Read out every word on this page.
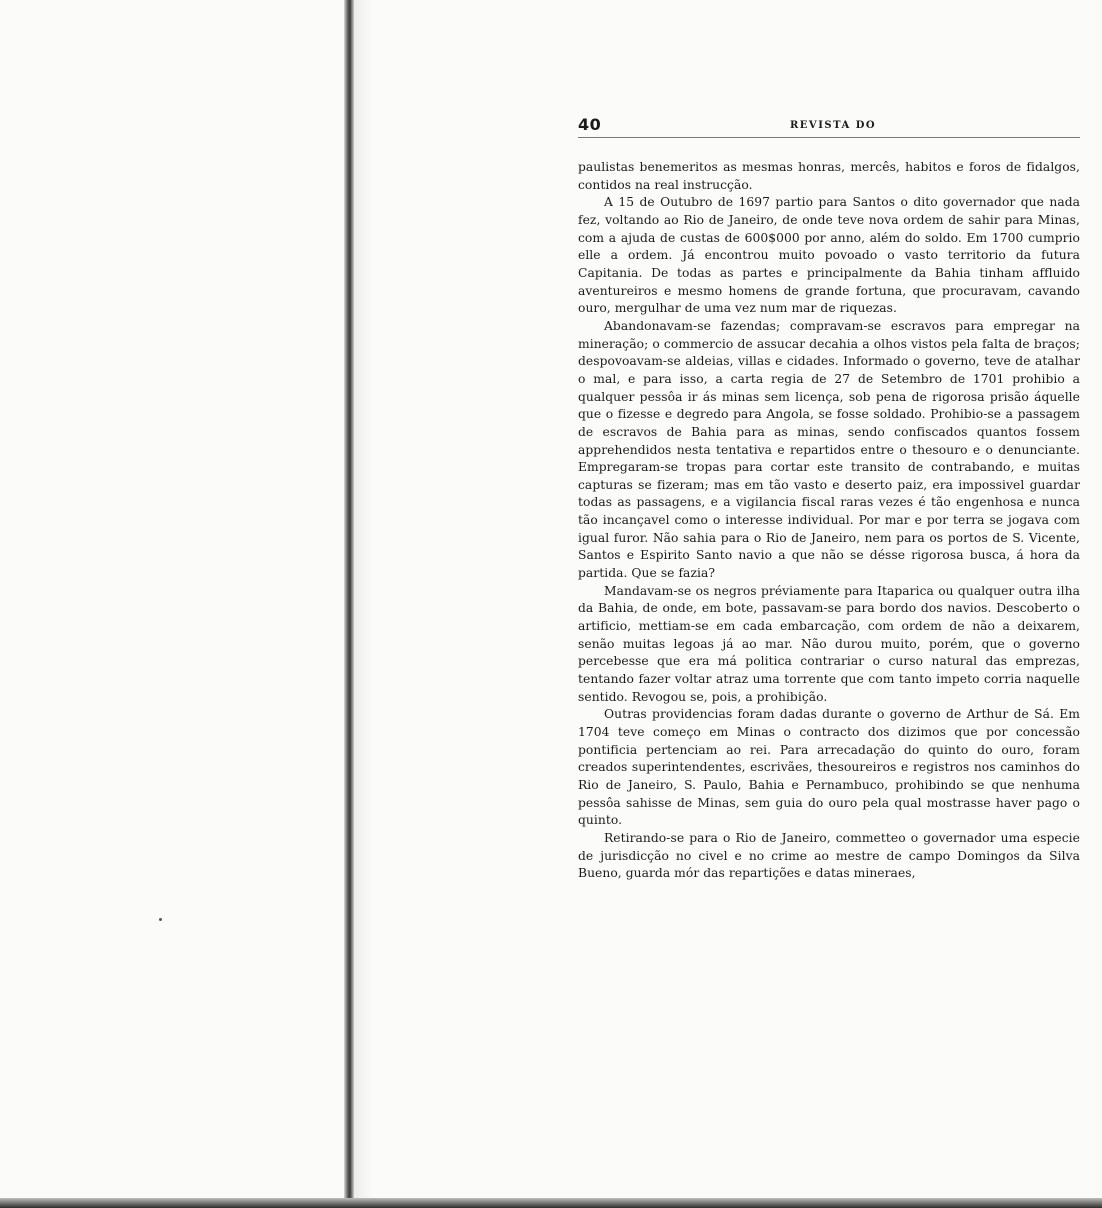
40	REVISTA DO

paulistas benemeritos as mesmas honras, mercês, habitos e foros de fidalgos, contidos na real instrucção.

A 15 de Outubro de 1697 partio para Santos o dito governador que nada fez, voltando ao Rio de Janeiro, de onde teve nova ordem de sahir para Minas, com a ajuda de custas de 600$000 por anno, além do soldo. Em 1700 cumprio elle a ordem. Já encontrou muito povoado o vasto territorio da futura Capitania. De todas as partes e principalmente da Bahia tinham affluido aventureiros e mesmo homens de grande fortuna, que procuravam, cavando ouro, mergulhar de uma vez num mar de riquezas.

Abandonavam-se fazendas; compravam-se escravos para empregar na mineração; o commercio de assucar decahia a olhos vistos pela falta de braços; despovoavam-se aldeias, villas e cidades. Informado o governo, teve de atalhar o mal, e para isso, a carta regia de 27 de Setembro de 1701 prohibio a qualquer pessôa ir ás minas sem licença, sob pena de rigorosa prisão áquelle que o fizesse e degredo para Angola, se fosse soldado. Prohibio-se a passagem de escravos de Bahia para as minas, sendo confiscados quantos fossem apprehendidos nesta tentativa e repartidos entre o thesouro e o denunciante. Empregaram-se tropas para cortar este transito de contrabando, e muitas capturas se fizeram; mas em tão vasto e deserto paiz, era impossivel guardar todas as passagens, e a vigilancia fiscal raras vezes é tão engenhosa e nunca tão incançavel como o interesse individual. Por mar e por terra se jogava com igual furor. Não sahia para o Rio de Janeiro, nem para os portos de S. Vicente, Santos e Espirito Santo navio a que não se désse rigorosa busca, á hora da partida. Que se fazia?

Mandavam-se os negros préviamente para Itaparica ou qualquer outra ilha da Bahia, de onde, em bote, passavam-se para bordo dos navios. Descoberto o artificio, mettiam-se em cada embarcação, com ordem de não a deixarem, senão muitas legoas já ao mar. Não durou muito, porém, que o governo percebesse que era má politica contrariar o curso natural das emprezas, tentando fazer voltar atraz uma torrente que com tanto impeto corria naquelle sentido. Revogou se, pois, a prohibição.

Outras providencias foram dadas durante o governo de Arthur de Sá. Em 1704 teve começo em Minas o contracto dos dizimos que por concessão pontificia pertenciam ao rei. Para arrecadação do quinto do ouro, foram creados superintendentes, escrivães, thesoureiros e registros nos caminhos do Rio de Janeiro, S. Paulo, Bahia e Pernambuco, prohibindo se que nenhuma pessôa sahisse de Minas, sem guia do ouro pela qual mostrasse haver pago o quinto.

Retirando-se para o Rio de Janeiro, commetteo o governador uma especie de jurisdicção no civel e no crime ao mestre de campo Domingos da Silva Bueno, guarda mór das repartições e datas mineraes,
